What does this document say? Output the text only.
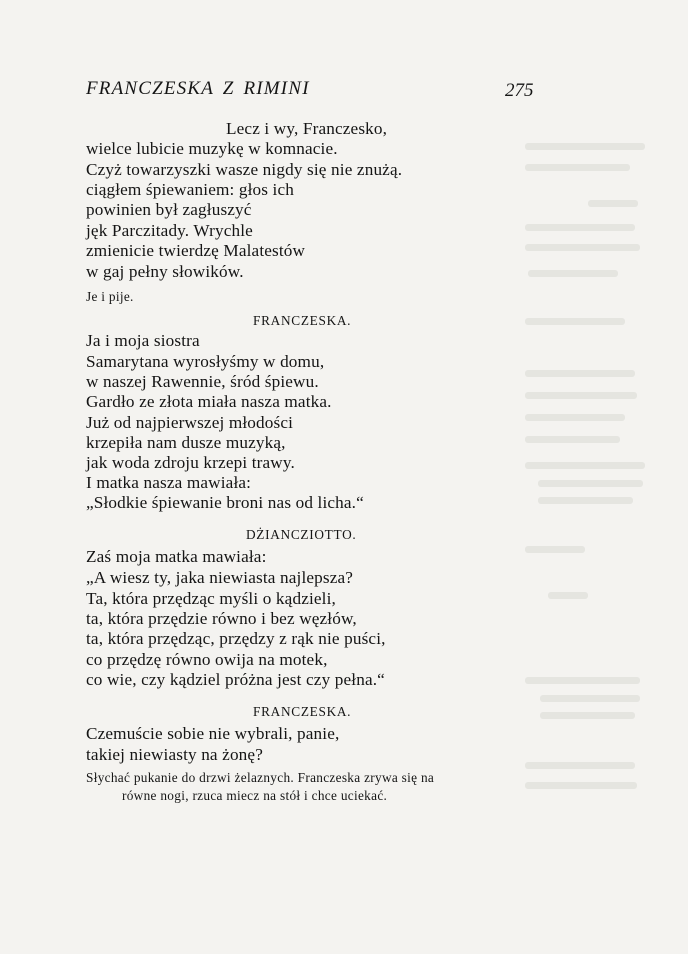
FRANCZESKA Z RIMINI	275
Lecz i wy, Franczesko,
wielce lubicie muzykę w komnacie.
Czyż towarzyszki wasze nigdy się nie znużą.
ciągłem śpiewaniem: głos ich
powinien był zagłuszyć
jęk Parczitady. Wrychle
zmienicie twierdzę Malatestów
w gaj pełny słowików.
Je i pije.
FRANCZESKA.
Ja i moja siostra
Samarytana wyrosłyśmy w domu,
w naszej Rawennie, śród śpiewu.
Gardło ze złota miała nasza matka.
Już od najpierwszej młodości
krzepiła nam dusze muzyką,
jak woda zdroju krzepi trawy.
I matka nasza mawiała:
„Słodkie śpiewanie broni nas od licha.“
DŻIANCZIOTTO.
Zaś moja matka mawiała:
„A wiesz ty, jaka niewiasta najlepsza?
Ta, która przędząc myśli o kądzieli,
ta, która przędzie równo i bez węzłów,
ta, która przędząc, przędzy z rąk nie puści,
co przędzę równo owija na motek,
co wie, czy kądziel próżna jest czy pełna.“
FRANCZESKA.
Czemuście sobie nie wybrali, panie,
takiej niewiasty na żonę?
Słychać pukanie do drzwi żelaznych. Franczeska zrywa się na
równe nogi, rzuca miecz na stół i chce uciekać.
